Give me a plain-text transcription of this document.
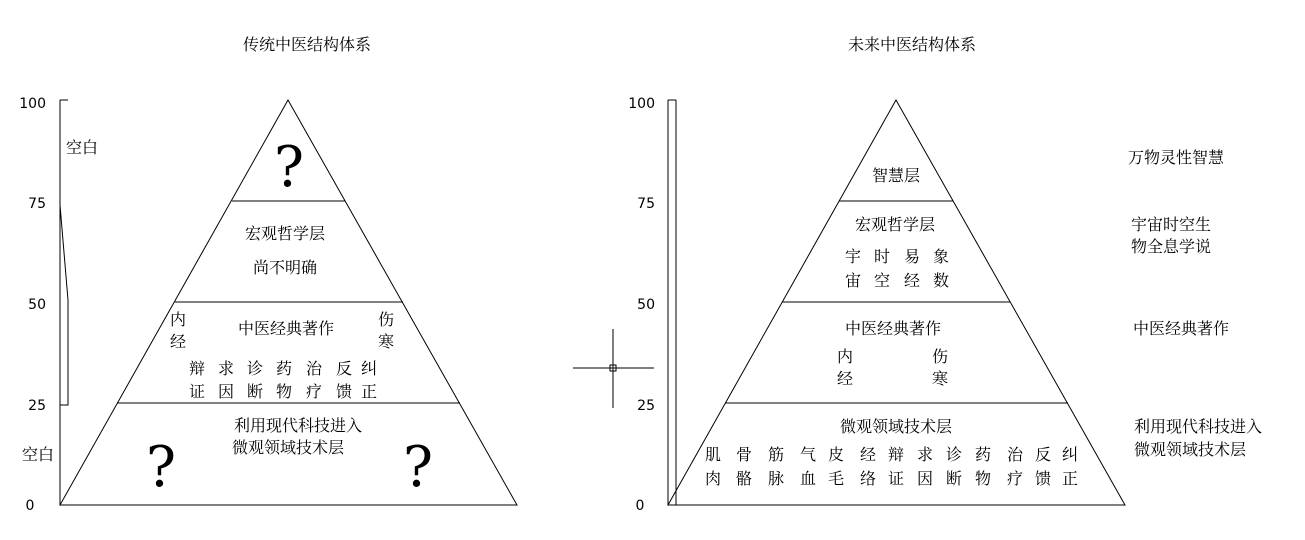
传统中医结构体系
100
75
50
25
0
空白
空白
?
宏观哲学层
尚不明确
中医经典著作
内
经
伤
寒
辩
证
求
因
诊
断
药
物
治
疗
反
馈
纠
正
利用现代科技进入
微观领域技术层
?	?
未来中医结构体系
100
75
50
25
0
智慧层
宏观哲学层
宇
宙
时
空
易
经
象
数
中医经典著作
内
经
伤
寒
微观领域技术层
肌
肉
骨
骼
筋
脉
气
血
皮
毛
经
络
辩
证
求
因
诊
断
药
物
治
疗
反
馈
纠
正
万物灵性智慧
宇宙时空生
物全息学说
中医经典著作
利用现代科技进入
微观领域技术层
